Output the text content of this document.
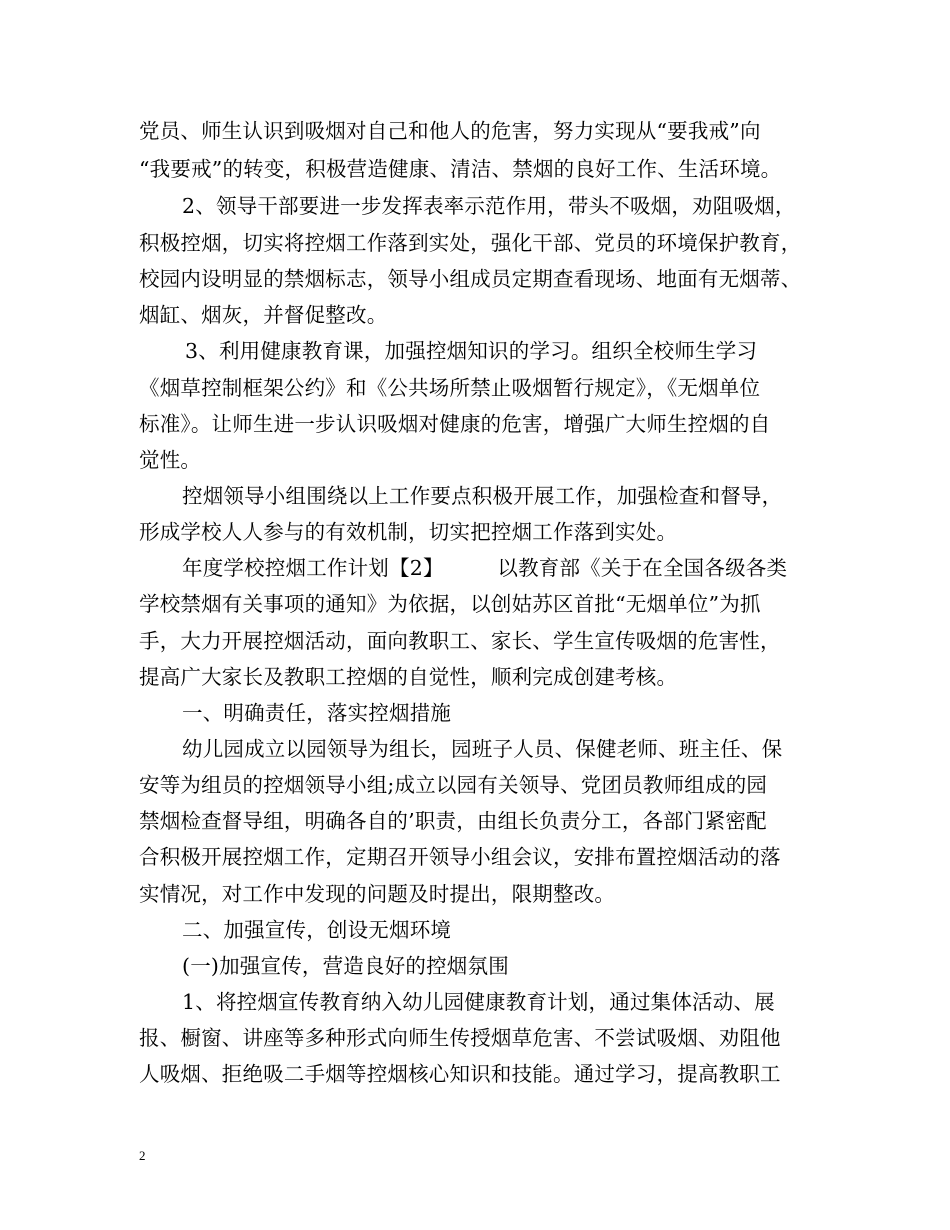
党员、师生认识到吸烟对自己和他人的危害，努力实现从“要我戒”向
“我要戒”的转变，积极营造健康、清洁、禁烟的良好工作、生活环境。
2、领导干部要进一步发挥表率示范作用，带头不吸烟，劝阻吸烟，
积极控烟，切实将控烟工作落到实处，强化干部、党员的环境保护教育，
校园内设明显的禁烟标志，领导小组成员定期查看现场、地面有无烟蒂、
烟缸、烟灰，并督促整改。
3、利用健康教育课，加强控烟知识的学习。组织全校师生学习
《烟草控制框架公约》和《公共场所禁止吸烟暂行规定》，《无烟单位
标准》。让师生进一步认识吸烟对健康的危害，增强广大师生控烟的自
觉性。
控烟领导小组围绕以上工作要点积极开展工作，加强检查和督导，
形成学校人人参与的有效机制，切实把控烟工作落到实处。
年度学校控烟工作计划【2】        以教育部《关于在全国各级各类
学校禁烟有关事项的通知》为依据，以创姑苏区首批“无烟单位”为抓
手，大力开展控烟活动，面向教职工、家长、学生宣传吸烟的危害性，
提高广大家长及教职工控烟的自觉性，顺利完成创建考核。
一、明确责任，落实控烟措施
幼儿园成立以园领导为组长，园班子人员、保健老师、班主任、保
安等为组员的控烟领导小组;成立以园有关领导、党团员教师组成的园
禁烟检查督导组，明确各自的’职责，由组长负责分工，各部门紧密配
合积极开展控烟工作，定期召开领导小组会议，安排布置控烟活动的落
实情况，对工作中发现的问题及时提出，限期整改。
二、加强宣传，创设无烟环境
(一)加强宣传，营造良好的控烟氛围
1、将控烟宣传教育纳入幼儿园健康教育计划，通过集体活动、展
报、橱窗、讲座等多种形式向师生传授烟草危害、不尝试吸烟、劝阻他
人吸烟、拒绝吸二手烟等控烟核心知识和技能。通过学习，提高教职工
2
